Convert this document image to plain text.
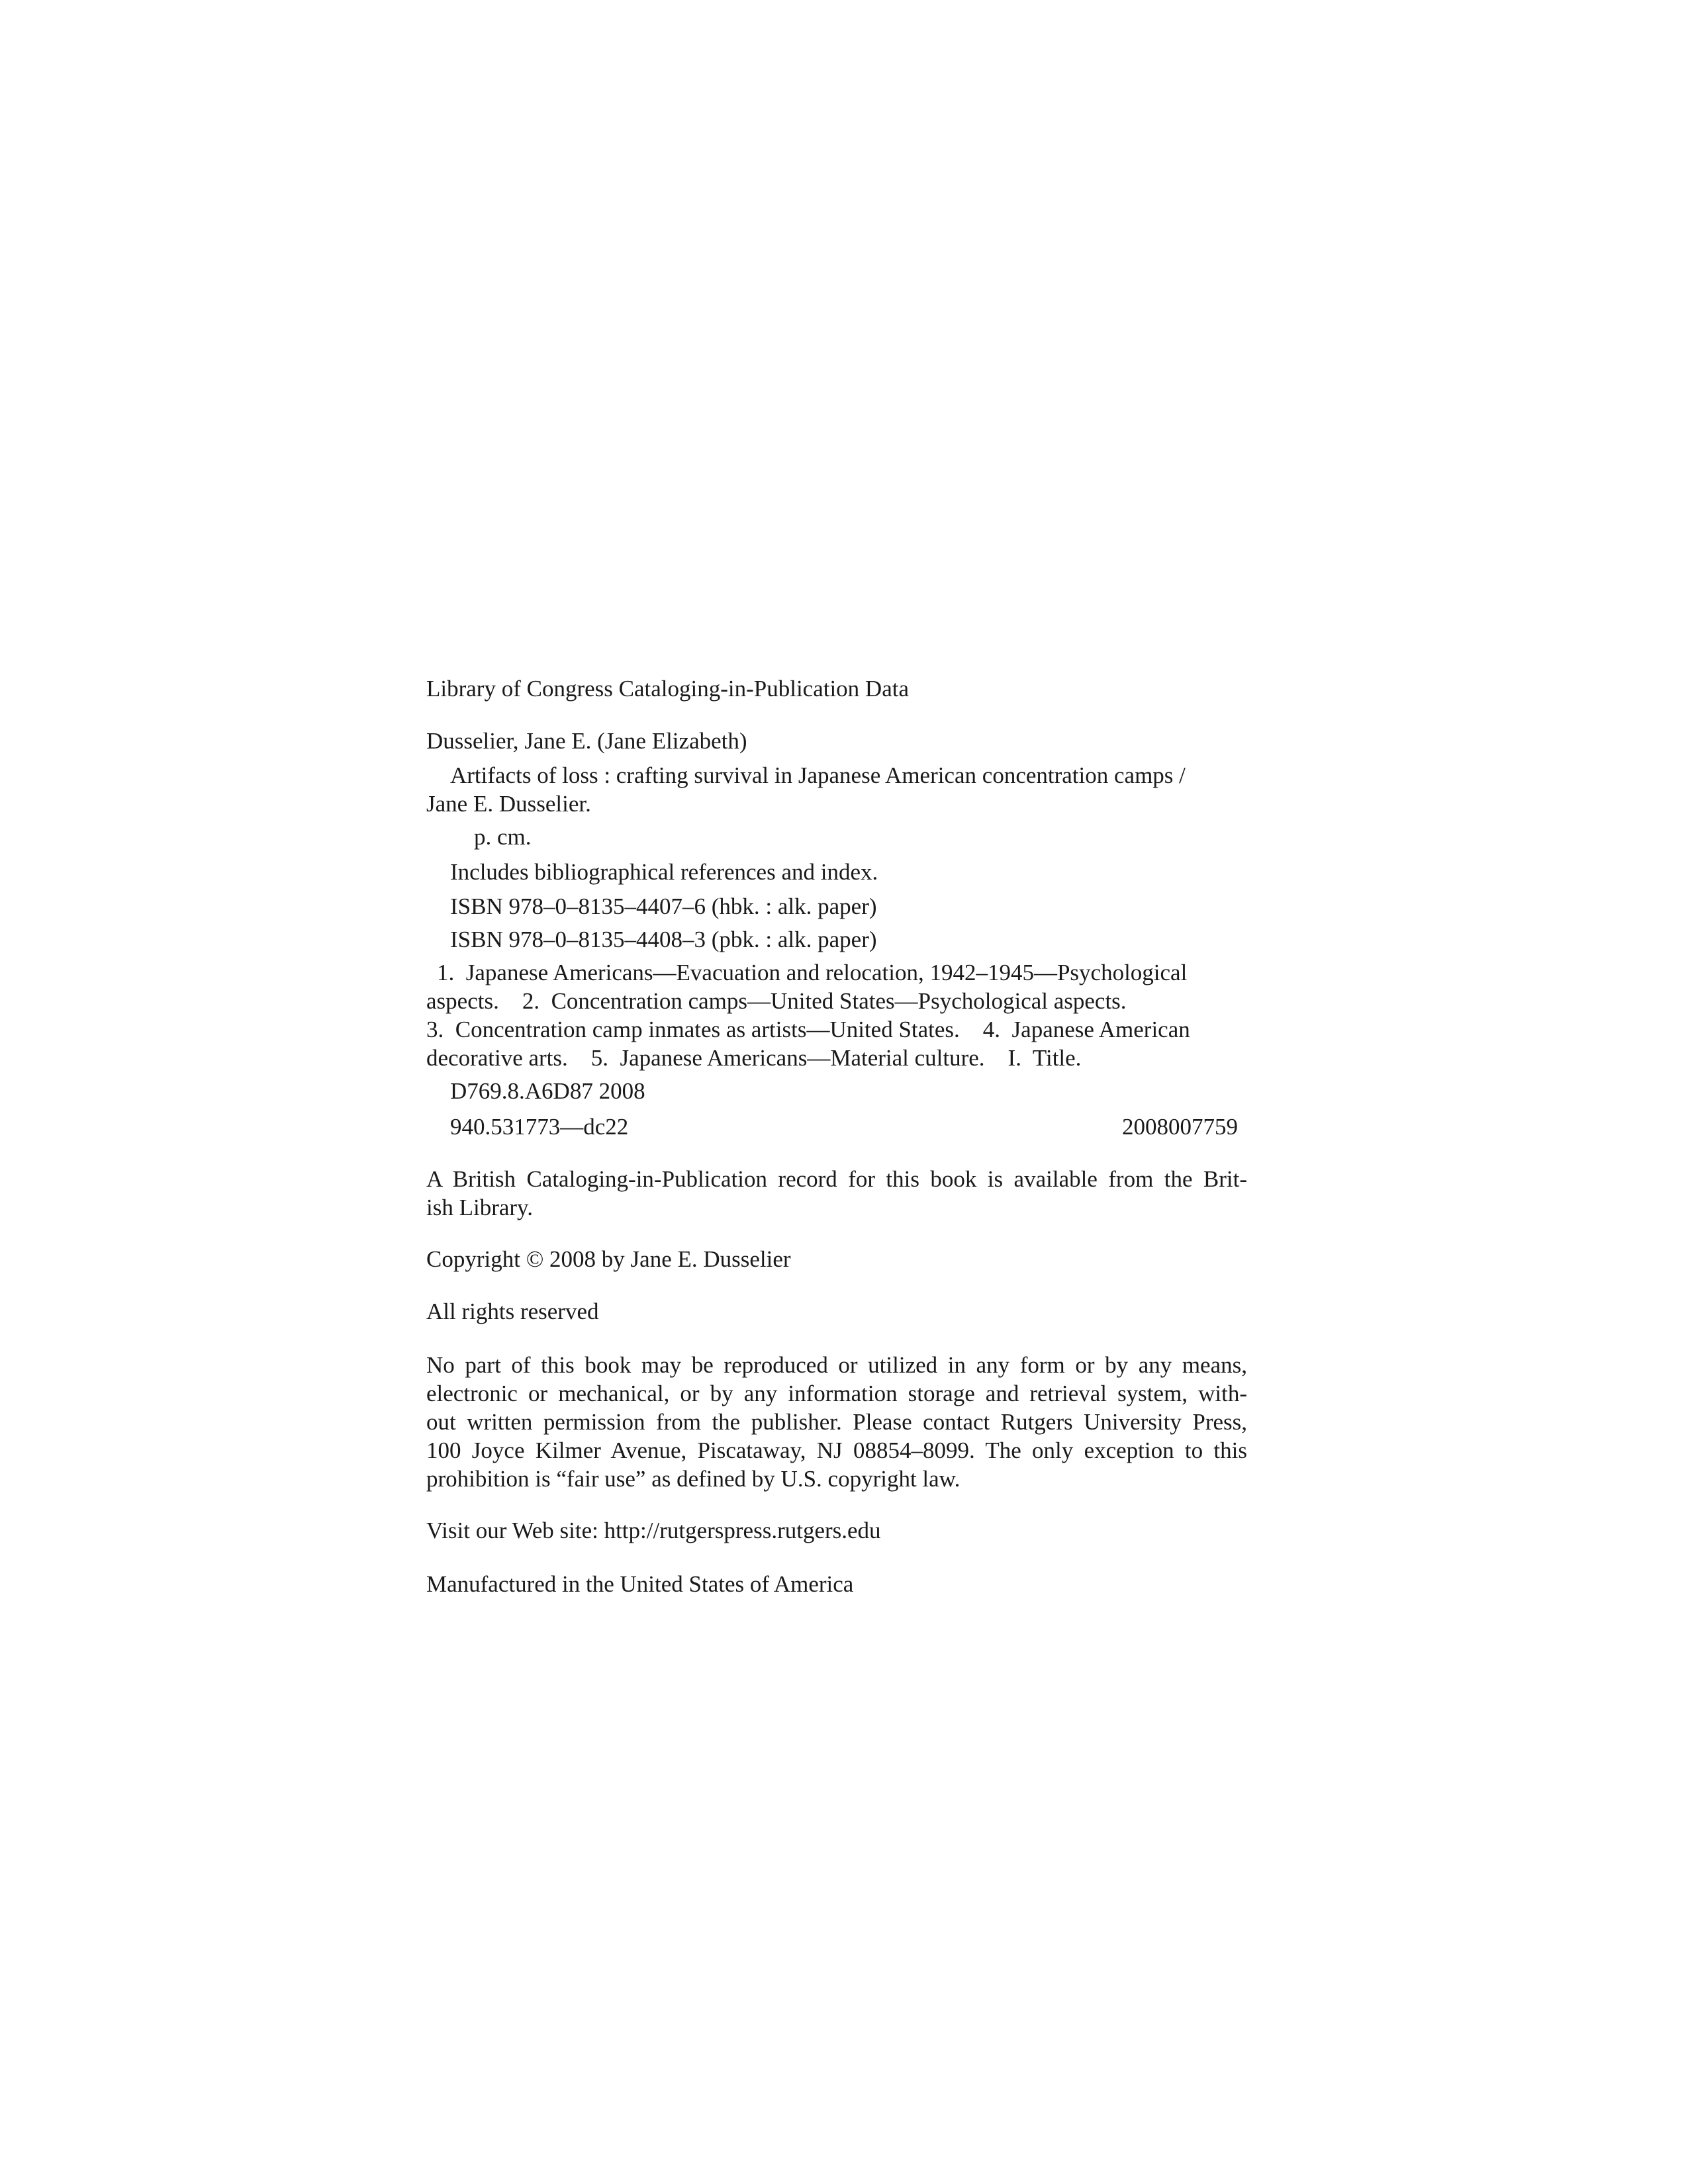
Library of Congress Cataloging-in-Publication Data
Dusselier, Jane E. (Jane Elizabeth)
Artifacts of loss : crafting survival in Japanese American concentration camps /
Jane E. Dusselier.
p. cm.
Includes bibliographical references and index.
ISBN 978–0–8135–4407–6 (hbk. : alk. paper)
ISBN 978–0–8135–4408–3 (pbk. : alk. paper)
1.  Japanese Americans—Evacuation and relocation, 1942–1945—Psychological
aspects.    2.  Concentration camps—United States—Psychological aspects.
3.  Concentration camp inmates as artists—United States.    4.  Japanese American
decorative arts.    5.  Japanese Americans—Material culture.    I.  Title.
D769.8.A6D87 2008
940.531773—dc22	2008007759
A British Cataloging-in-Publication record for this book is available from the Brit-
ish Library.
Copyright © 2008 by Jane E. Dusselier
All rights reserved
No part of this book may be reproduced or utilized in any form or by any means,
electronic or mechanical, or by any information storage and retrieval system, with-
out written permission from the publisher. Please contact Rutgers University Press,
100 Joyce Kilmer Avenue, Piscataway, NJ 08854–8099. The only exception to this
prohibition is “fair use” as defined by U.S. copyright law.
Visit our Web site: http://rutgerspress.rutgers.edu
Manufactured in the United States of America
